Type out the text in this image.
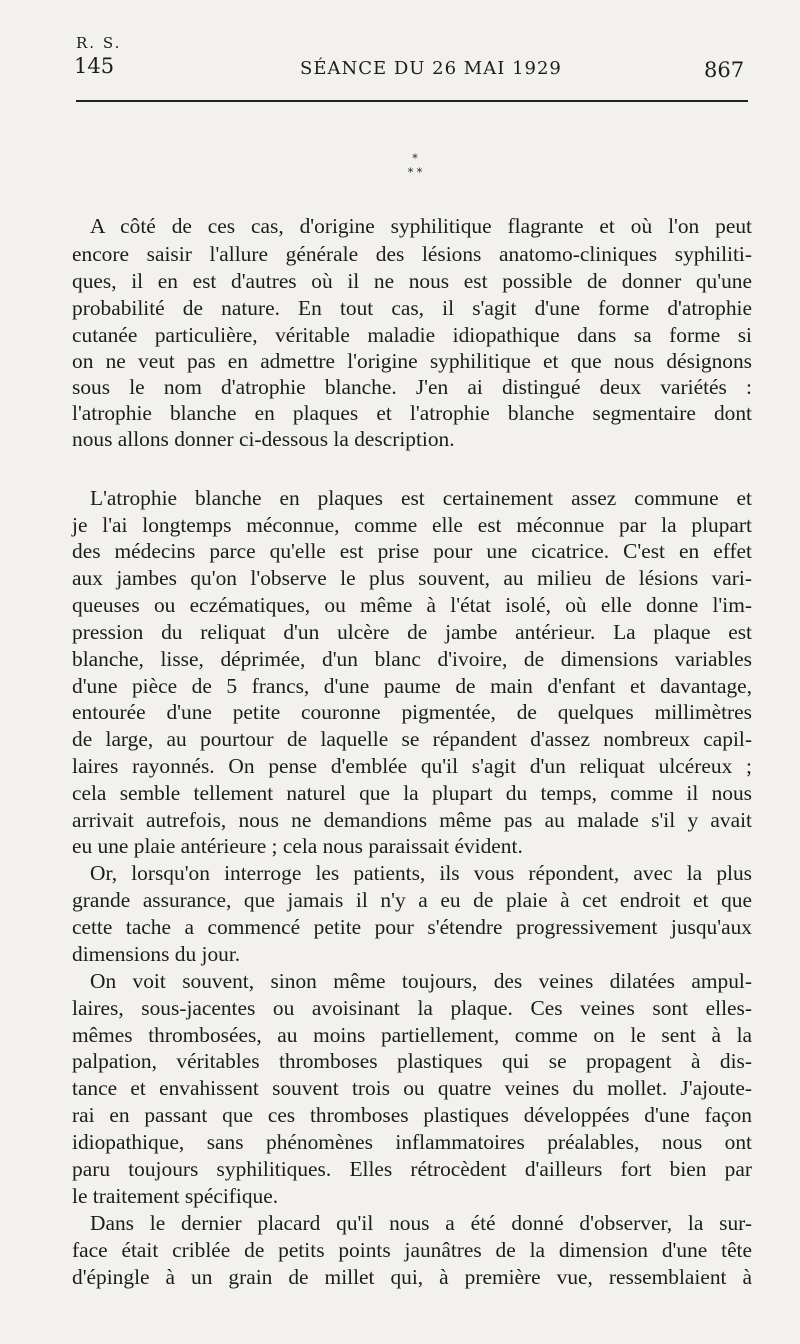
R. S.
145	SÉANCE DU 26 MAI 1929	867
*
* *
A côté de ces cas, d'origine syphilitique flagrante et où l'on peut
encore saisir l'allure générale des lésions anatomo-cliniques syphiliti-
ques, il en est d'autres où il ne nous est possible de donner qu'une
probabilité de nature. En tout cas, il s'agit d'une forme d'atrophie
cutanée particulière, véritable maladie idiopathique dans sa forme si
on ne veut pas en admettre l'origine syphilitique et que nous désignons
sous le nom d'atrophie blanche. J'en ai distingué deux variétés :
l'atrophie blanche en plaques et l'atrophie blanche segmentaire dont
nous allons donner ci-dessous la description.
L'atrophie blanche en plaques est certainement assez commune et
je l'ai longtemps méconnue, comme elle est méconnue par la plupart
des médecins parce qu'elle est prise pour une cicatrice. C'est en effet
aux jambes qu'on l'observe le plus souvent, au milieu de lésions vari-
queuses ou eczématiques, ou même à l'état isolé, où elle donne l'im-
pression du reliquat d'un ulcère de jambe antérieur. La plaque est
blanche, lisse, déprimée, d'un blanc d'ivoire, de dimensions variables
d'une pièce de 5 francs, d'une paume de main d'enfant et davantage,
entourée d'une petite couronne pigmentée, de quelques millimètres
de large, au pourtour de laquelle se répandent d'assez nombreux capil-
laires rayonnés. On pense d'emblée qu'il s'agit d'un reliquat ulcéreux ;
cela semble tellement naturel que la plupart du temps, comme il nous
arrivait autrefois, nous ne demandions même pas au malade s'il y avait
eu une plaie antérieure ; cela nous paraissait évident.
Or, lorsqu'on interroge les patients, ils vous répondent, avec la plus
grande assurance, que jamais il n'y a eu de plaie à cet endroit et que
cette tache a commencé petite pour s'étendre progressivement jusqu'aux
dimensions du jour.
On voit souvent, sinon même toujours, des veines dilatées ampul-
laires, sous-jacentes ou avoisinant la plaque. Ces veines sont elles-
mêmes thrombosées, au moins partiellement, comme on le sent à la
palpation, véritables thromboses plastiques qui se propagent à dis-
tance et envahissent souvent trois ou quatre veines du mollet. J'ajoute-
rai en passant que ces thromboses plastiques développées d'une façon
idiopathique, sans phénomènes inflammatoires préalables, nous ont
paru toujours syphilitiques. Elles rétrocèdent d'ailleurs fort bien par
le traitement spécifique.
Dans le dernier placard qu'il nous a été donné d'observer, la sur-
face était criblée de petits points jaunâtres de la dimension d'une tête
d'épingle à un grain de millet qui, à première vue, ressemblaient à
